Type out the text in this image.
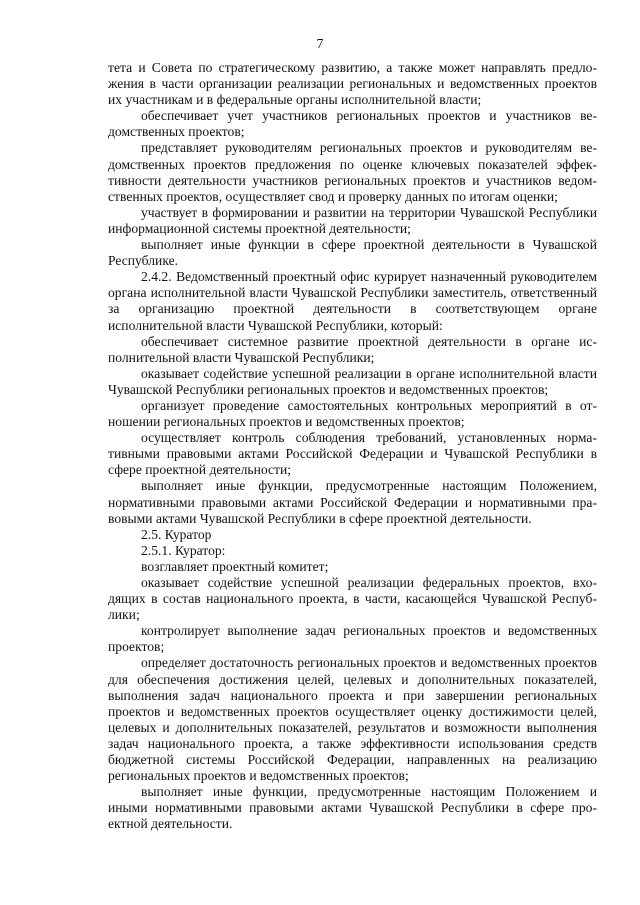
7

тета и Совета по стратегическому развитию, а также может направлять предложения в части организации реализации региональных и ведомственных проектов их участникам и в федеральные органы исполнительной власти;

обеспечивает учет участников региональных проектов и участников ведомственных проектов;

представляет руководителям региональных проектов и руководителям ведомственных проектов предложения по оценке ключевых показателей эффективности деятельности участников региональных проектов и участников ведомственных проектов, осуществляет свод и проверку данных по итогам оценки;

участвует в формировании и развитии на территории Чувашской Республики информационной системы проектной деятельности;

выполняет иные функции в сфере проектной деятельности в Чувашской Республике.

2.4.2. Ведомственный проектный офис курирует назначенный руководителем органа исполнительной власти Чувашской Республики заместитель, ответственный за организацию проектной деятельности в соответствующем органе исполнительной власти Чувашской Республики, который:

обеспечивает системное развитие проектной деятельности в органе исполнительной власти Чувашской Республики;

оказывает содействие успешной реализации в органе исполнительной власти Чувашской Республики региональных проектов и ведомственных проектов;

организует проведение самостоятельных контрольных мероприятий в отношении региональных проектов и ведомственных проектов;

осуществляет контроль соблюдения требований, установленных нормативными правовыми актами Российской Федерации и Чувашской Республики в сфере проектной деятельности;

выполняет иные функции, предусмотренные настоящим Положением, нормативными правовыми актами Российской Федерации и нормативными правовыми актами Чувашской Республики в сфере проектной деятельности.

2.5. Куратор

2.5.1. Куратор:

возглавляет проектный комитет;

оказывает содействие успешной реализации федеральных проектов, входящих в состав национального проекта, в части, касающейся Чувашской Республики;

контролирует выполнение задач региональных проектов и ведомственных проектов;

определяет достаточность региональных проектов и ведомственных проектов для обеспечения достижения целей, целевых и дополнительных показателей, выполнения задач национального проекта и при завершении региональных проектов и ведомственных проектов осуществляет оценку достижимости целей, целевых и дополнительных показателей, результатов и возможности выполнения задач национального проекта, а также эффективности использования средств бюджетной системы Российской Федерации, направленных на реализацию региональных проектов и ведомственных проектов;

выполняет иные функции, предусмотренные настоящим Положением и иными нормативными правовыми актами Чувашской Республики в сфере проектной деятельности.
